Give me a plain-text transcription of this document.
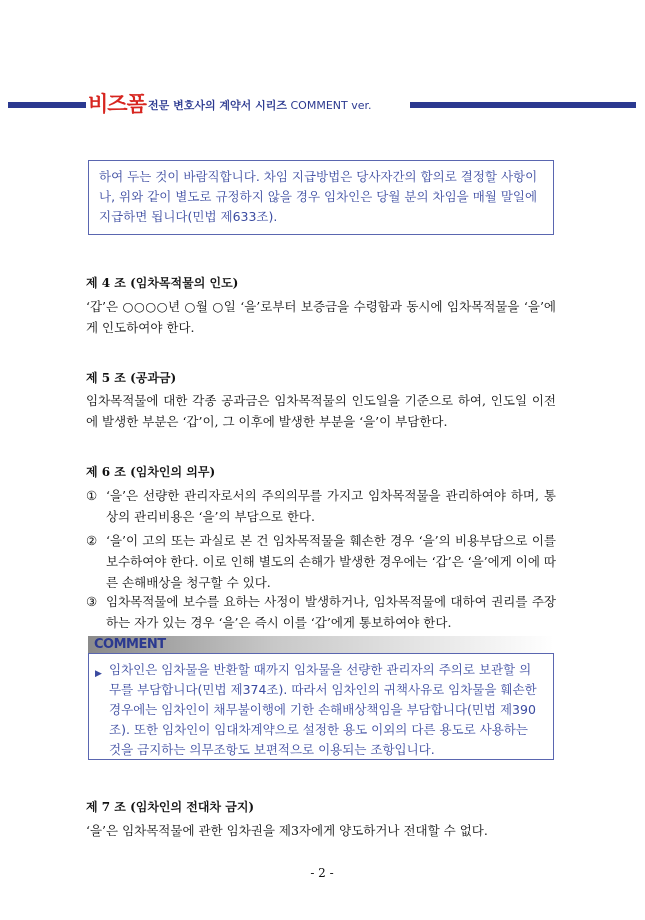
비즈폼 전문 변호사의 계약서 시리즈 COMMENT ver.
하여 두는 것이 바람직합니다. 차임 지급방법은 당사자간의 합의로 결정할 사항이나, 위와 같이 별도로 규정하지 않을 경우 임차인은 당월 분의 차임을 매월 말일에 지급하면 됩니다(민법 제633조).
제 4 조 (임차목적물의 인도)
‘갑’은 ○○○○년 ○월 ○일 ‘을’로부터 보증금을 수령함과 동시에 임차목적물을 ‘을’에게 인도하여야 한다.
제 5 조 (공과금)
임차목적물에 대한 각종 공과금은 임차목적물의 인도일을 기준으로 하여, 인도일 이전에 발생한 부분은 ‘갑’이, 그 이후에 발생한 부분을 ‘을’이 부담한다.
제 6 조 (임차인의 의무)
① ‘을’은 선량한 관리자로서의 주의의무를 가지고 임차목적물을 관리하여야 하며, 통상의 관리비용은 ‘을’의 부담으로 한다.
② ‘을’이 고의 또는 과실로 본 건 임차목적물을 훼손한 경우 ‘을’의 비용부담으로 이를 보수하여야 한다. 이로 인해 별도의 손해가 발생한 경우에는 ‘갑’은 ‘을’에게 이에 따른 손해배상을 청구할 수 있다.
③ 임차목적물에 보수를 요하는 사정이 발생하거나, 임차목적물에 대하여 권리를 주장하는 자가 있는 경우 ‘을’은 즉시 이를 ‘갑’에게 통보하여야 한다.
COMMENT
▶ 임차인은 임차물을 반환할 때까지 임차물을 선량한 관리자의 주의로 보관할 의무를 부담합니다(민법 제374조). 따라서 임차인의 귀책사유로 임차물을 훼손한 경우에는 임차인이 채무불이행에 기한 손해배상책임을 부담합니다(민법 제390조). 또한 임차인이 임대차계약으로 설정한 용도 이외의 다른 용도로 사용하는 것을 금지하는 의무조항도 보편적으로 이용되는 조항입니다.
제 7 조 (임차인의 전대차 금지)
‘을’은 임차목적물에 관한 임차권을 제3자에게 양도하거나 전대할 수 없다.
- 2 -
